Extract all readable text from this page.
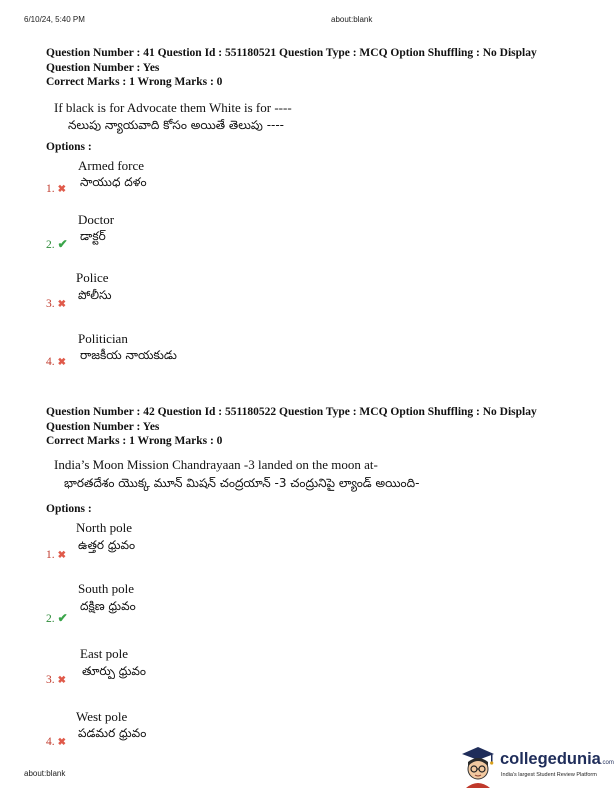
6/10/24, 5:40 PM	about:blank
Question Number : 41 Question Id : 551180521 Question Type : MCQ Option Shuffling : No Display
Question Number : Yes
Correct Marks : 1 Wrong Marks : 0
If black is for Advocate them White is for ----
నలుపు న్యాయవాది కోసం అయితే తెలుపు ----
Options :
Armed force
సాయుధ దళం
1. ✖
Doctor
డాక్టర్
2. ✔
Police
పోలీసు
3. ✖
Politician
రాజకీయ నాయకుడు
4. ✖
Question Number : 42 Question Id : 551180522 Question Type : MCQ Option Shuffling : No Display
Question Number : Yes
Correct Marks : 1 Wrong Marks : 0
India’s Moon Mission Chandrayaan -3 landed on the moon at-
భారతదేశం యొక్క మూన్ మిషన్ చంద్రయాన్ -3 చంద్రునిపై ల్యాండ్ అయింది-
Options :
North pole
ఉత్తర ధ్రువం
1. ✖
South pole
దక్షిణ ధ్రువం
2. ✔
East pole
తూర్పు ధ్రువం
3. ✖
West pole
పడమర ధ్రువం
4. ✖
about:blank
collegedunia.com
India's largest Student Review Platform
